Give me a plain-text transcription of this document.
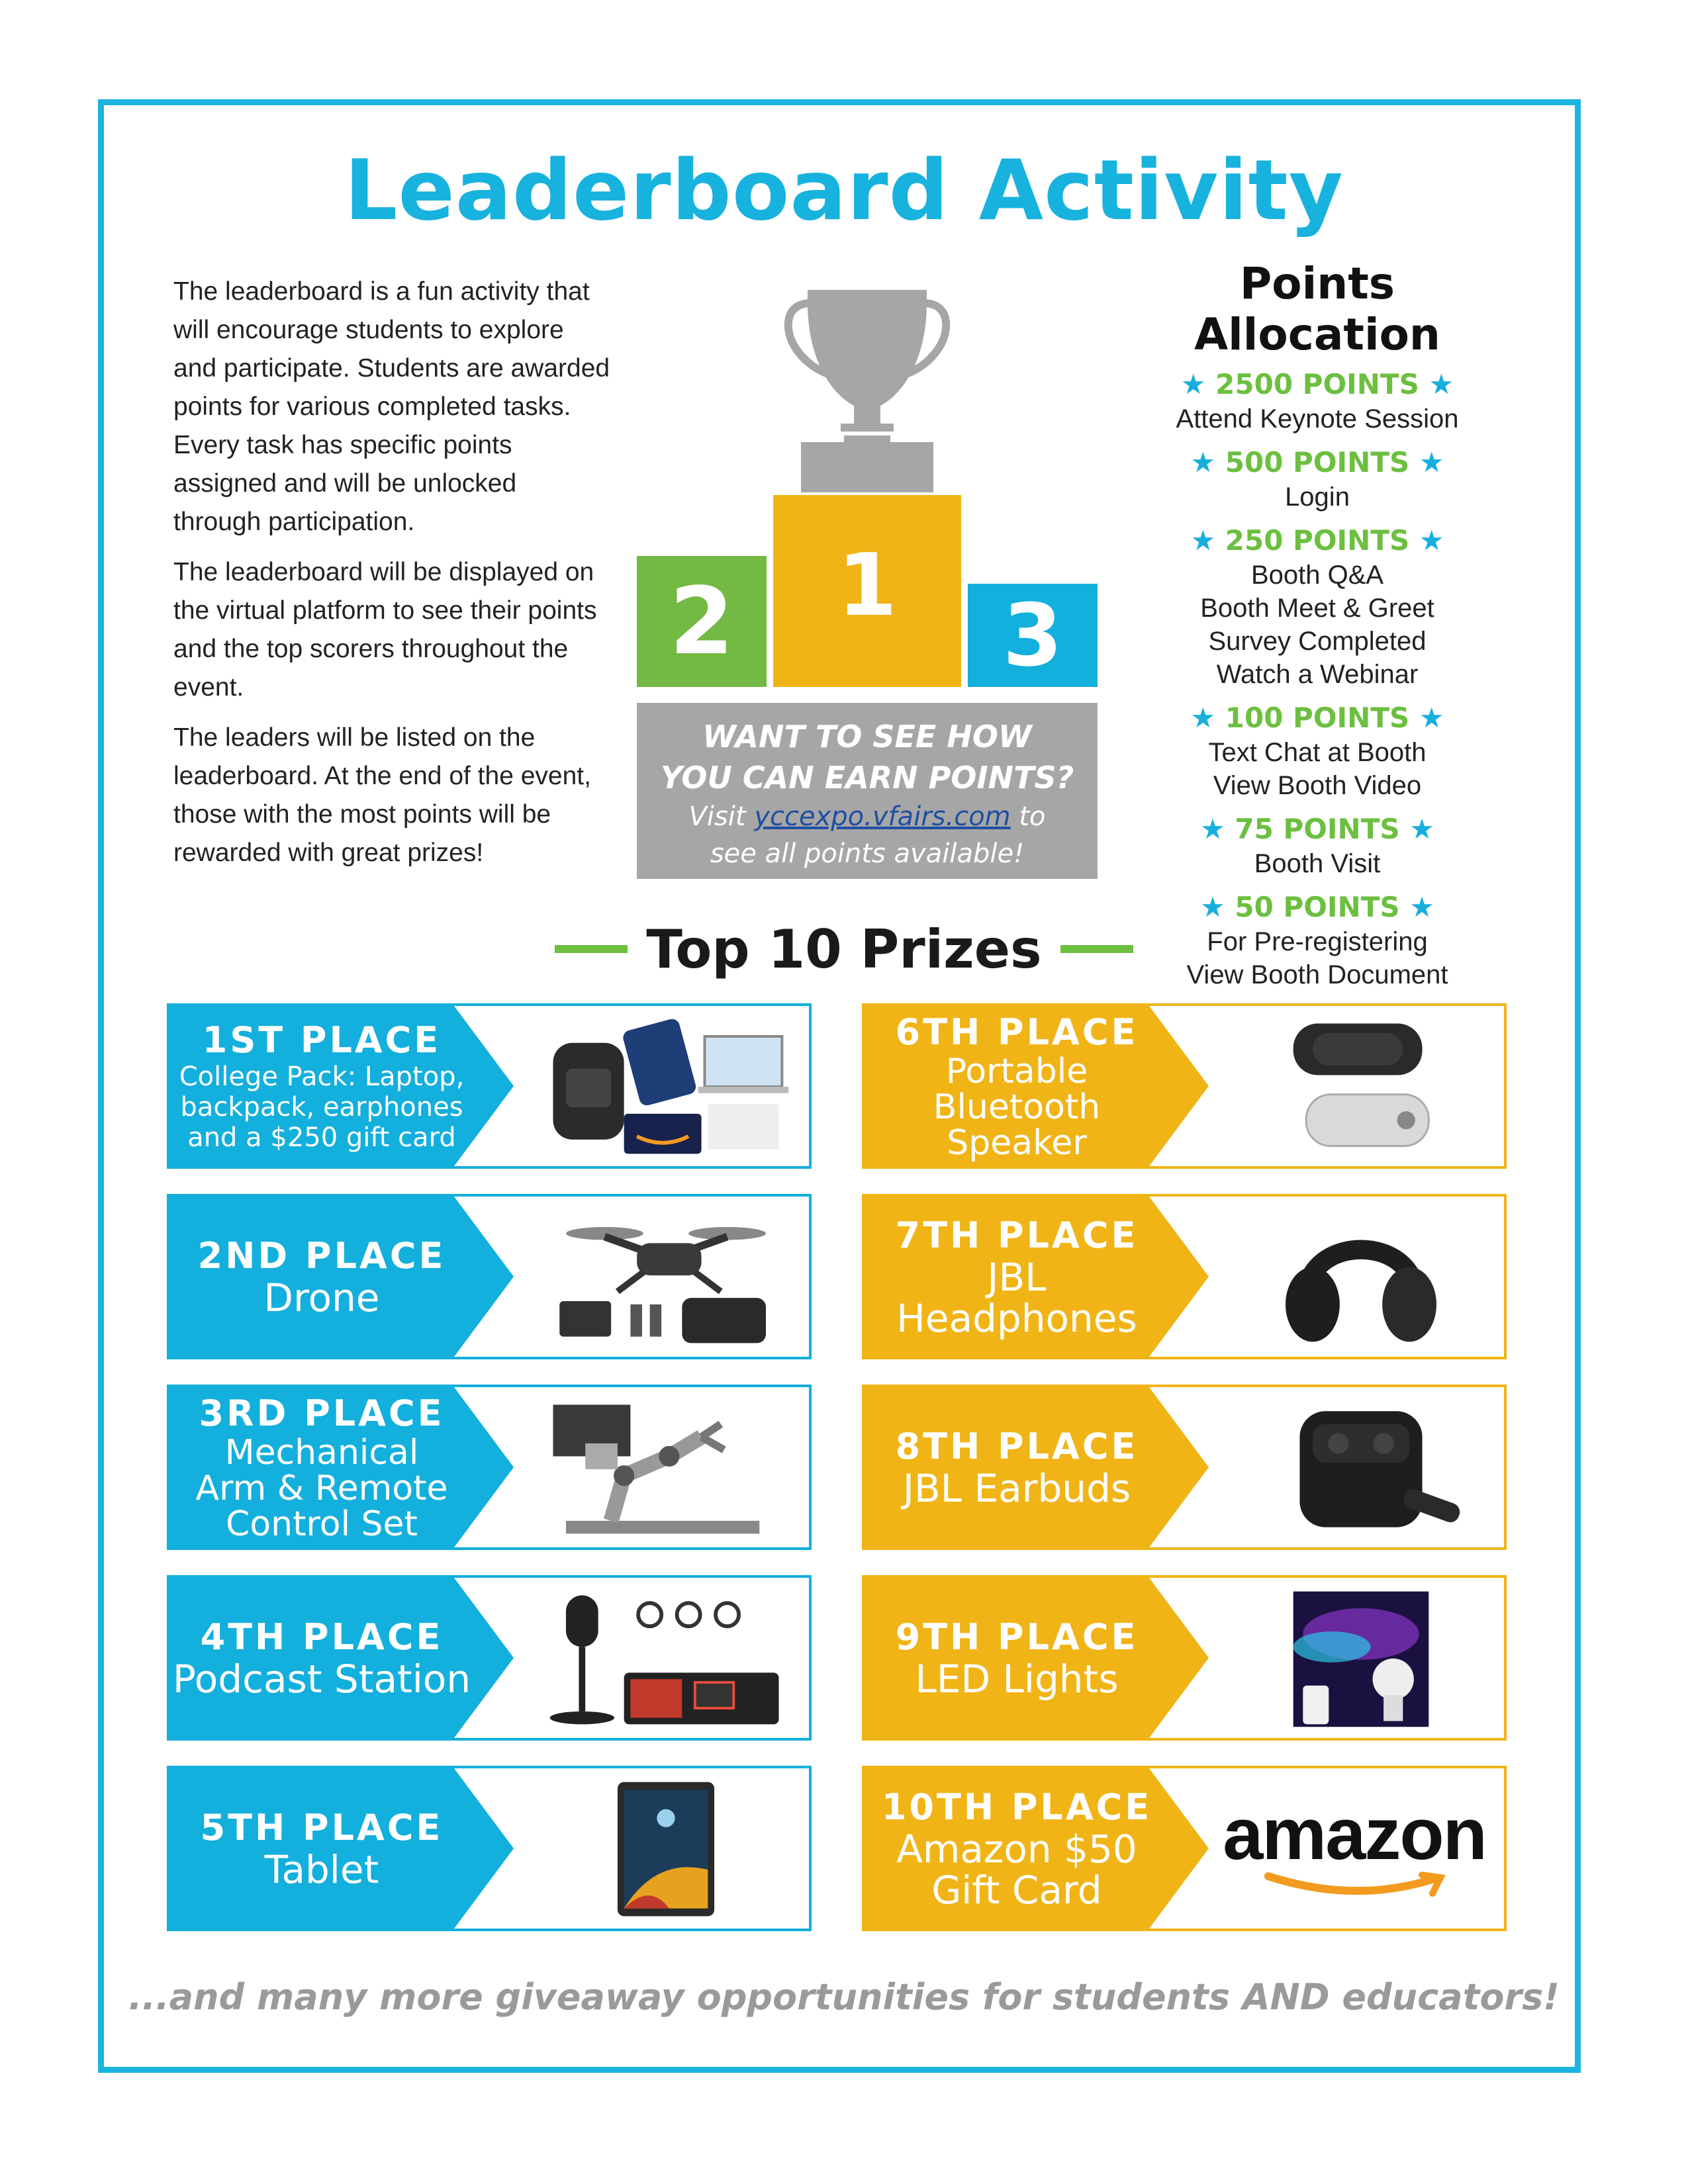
Leaderboard Activity

The leaderboard is a fun activity that will encourage students to explore and participate. Students are awarded points for various completed tasks. Every task has specific points assigned and will be unlocked through participation.

The leaderboard will be displayed on the virtual platform to see their points and the top scorers throughout the event.

The leaders will be listed on the leaderboard. At the end of the event, those with the most points will be rewarded with great prizes!

2	1	3
WANT TO SEE HOW
YOU CAN EARN POINTS?
Visit yccexpo.vfairs.com to
see all points available!
Points Allocation
★ 2500 POINTS ★
Attend Keynote Session
★ 500 POINTS ★
Login
★ 250 POINTS ★
Booth Q&A
Booth Meet & Greet
Survey Completed
Watch a Webinar
★ 100 POINTS ★
Text Chat at Booth
View Booth Video
★ 75 POINTS ★
Booth Visit
★ 50 POINTS ★
For Pre-registering
View Booth Document
Top 10 Prizes
1ST PLACE
College Pack: Laptop,
backpack, earphones
and a $250 gift card
2ND PLACE
Drone
3RD PLACE
Mechanical
Arm & Remote
Control Set
4TH PLACE
Podcast Station
5TH PLACE
Tablet
6TH PLACE
Portable
Bluetooth
Speaker
7TH PLACE
JBL
Headphones
8TH PLACE
JBL Earbuds
9TH PLACE
LED Lights
10TH PLACE
Amazon $50
Gift Card
amazon
...and many more giveaway opportunities for students AND educators!
